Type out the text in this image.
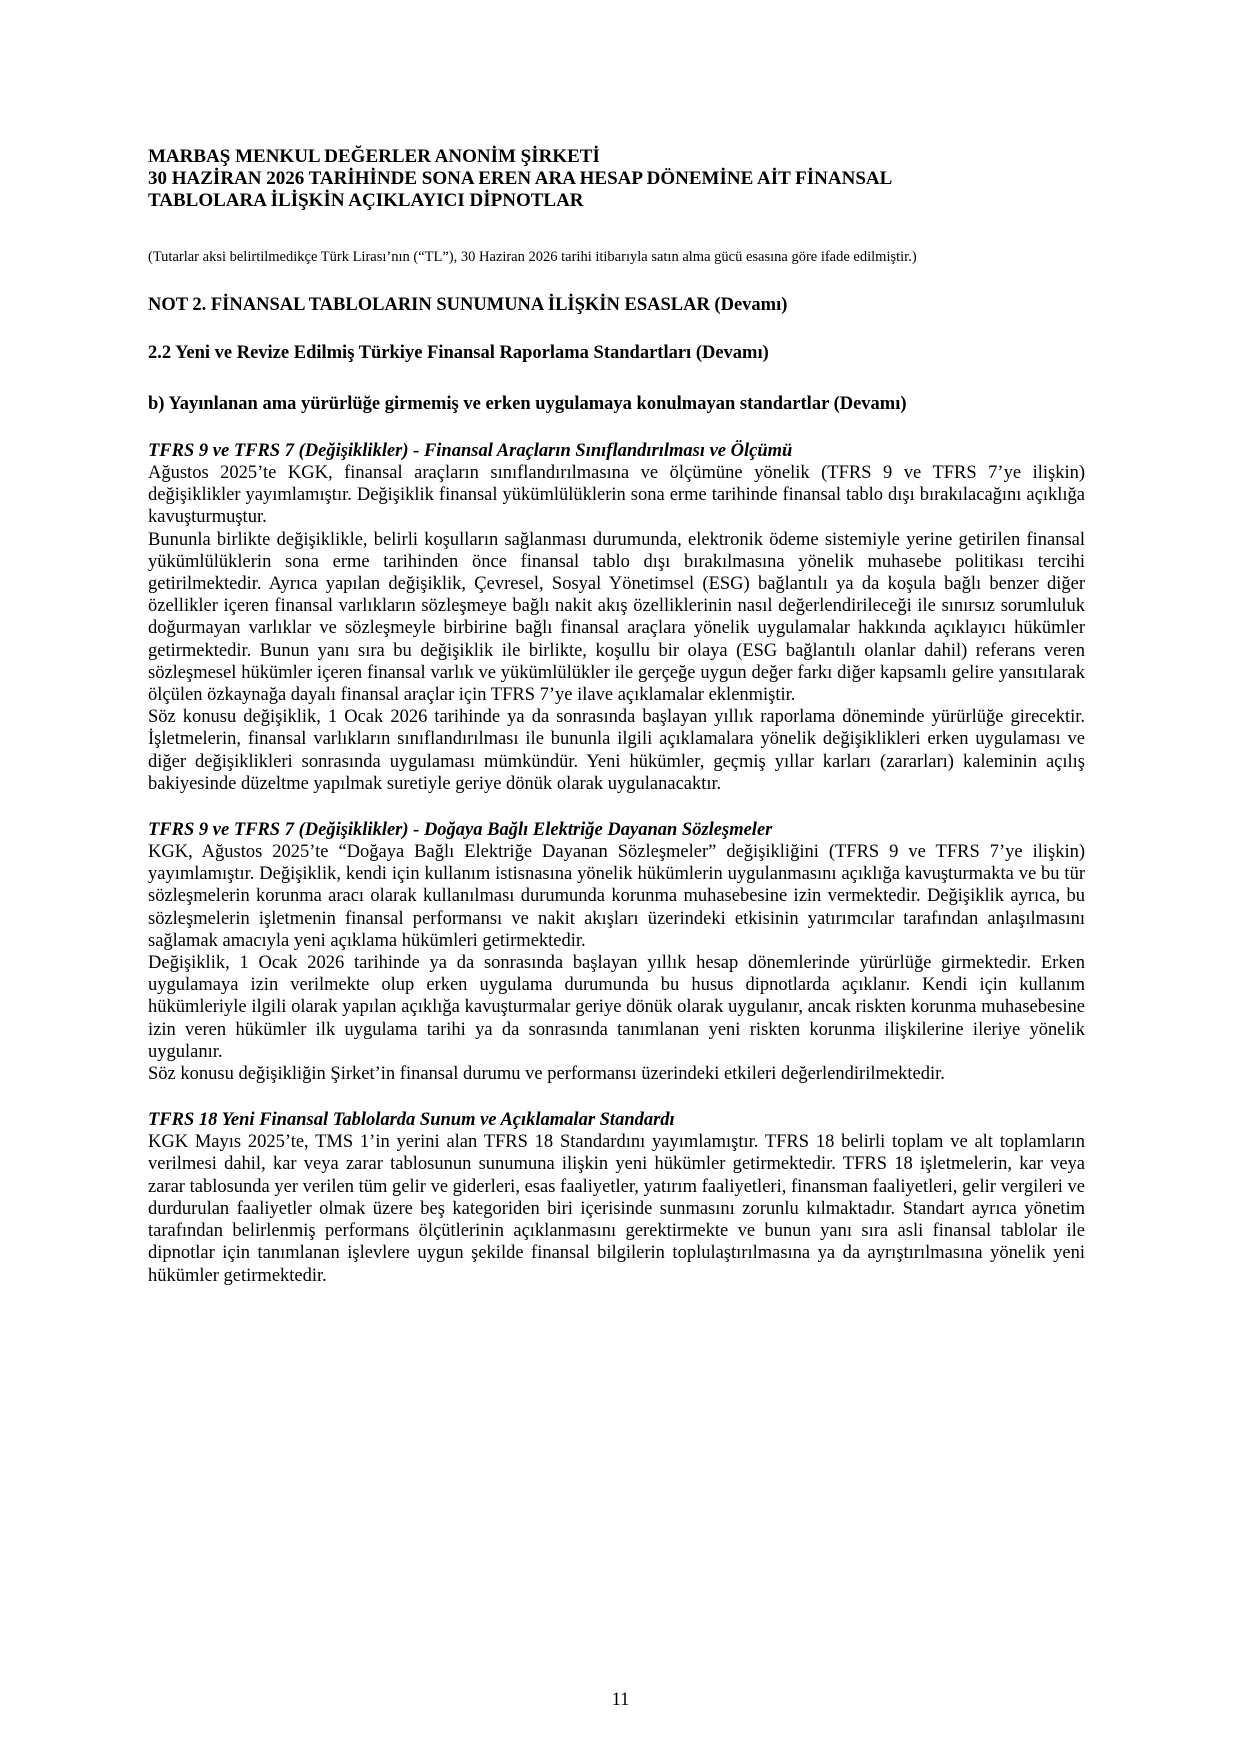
MARBAŞ MENKUL DEĞERLER ANONİM ŞİRKETİ

30 HAZİRAN 2026 TARİHİNDE SONA EREN ARA HESAP DÖNEMİNE AİT FİNANSAL

TABLOLARA İLİŞKİN AÇIKLAYICI DİPNOTLAR

(Tutarlar aksi belirtilmedikçe Türk Lirası’nın (“TL”), 30 Haziran 2026 tarihi itibarıyla satın alma gücü esasına göre ifade edilmiştir.)

NOT 2. FİNANSAL TABLOLARIN SUNUMUNA İLİŞKİN ESASLAR (Devamı)

2.2 Yeni ve Revize Edilmiş Türkiye Finansal Raporlama Standartları (Devamı)

b) Yayınlanan ama yürürlüğe girmemiş ve erken uygulamaya konulmayan standartlar (Devamı)

TFRS 9 ve TFRS 7 (Değişiklikler) - Finansal Araçların Sınıflandırılması ve Ölçümü

Ağustos 2025’te KGK, finansal araçların sınıflandırılmasına ve ölçümüne yönelik (TFRS 9 ve TFRS 7’ye ilişkin) değişiklikler yayımlamıştır. Değişiklik finansal yükümlülüklerin sona erme tarihinde finansal tablo dışı bırakılacağını açıklığa kavuşturmuştur.

Bununla birlikte değişiklikle, belirli koşulların sağlanması durumunda, elektronik ödeme sistemiyle yerine getirilen finansal yükümlülüklerin sona erme tarihinden önce finansal tablo dışı bırakılmasına yönelik muhasebe politikası tercihi getirilmektedir. Ayrıca yapılan değişiklik, Çevresel, Sosyal Yönetimsel (ESG) bağlantılı ya da koşula bağlı benzer diğer özellikler içeren finansal varlıkların sözleşmeye bağlı nakit akış özelliklerinin nasıl değerlendirileceği ile sınırsız sorumluluk doğurmayan varlıklar ve sözleşmeyle birbirine bağlı finansal araçlara yönelik uygulamalar hakkında açıklayıcı hükümler getirmektedir. Bunun yanı sıra bu değişiklik ile birlikte, koşullu bir olaya (ESG bağlantılı olanlar dahil) referans veren sözleşmesel hükümler içeren finansal varlık ve yükümlülükler ile gerçeğe uygun değer farkı diğer kapsamlı gelire yansıtılarak ölçülen özkaynağa dayalı finansal araçlar için TFRS 7’ye ilave açıklamalar eklenmiştir.

Söz konusu değişiklik, 1 Ocak 2026 tarihinde ya da sonrasında başlayan yıllık raporlama döneminde yürürlüğe girecektir. İşletmelerin, finansal varlıkların sınıflandırılması ile bununla ilgili açıklamalara yönelik değişiklikleri erken uygulaması ve diğer değişiklikleri sonrasında uygulaması mümkündür. Yeni hükümler, geçmiş yıllar karları (zararları) kaleminin açılış bakiyesinde düzeltme yapılmak suretiyle geriye dönük olarak uygulanacaktır.

TFRS 9 ve TFRS 7 (Değişiklikler) - Doğaya Bağlı Elektriğe Dayanan Sözleşmeler

KGK, Ağustos 2025’te “Doğaya Bağlı Elektriğe Dayanan Sözleşmeler” değişikliğini (TFRS 9 ve TFRS 7’ye ilişkin) yayımlamıştır. Değişiklik, kendi için kullanım istisnasına yönelik hükümlerin uygulanmasını açıklığa kavuşturmakta ve bu tür sözleşmelerin korunma aracı olarak kullanılması durumunda korunma muhasebesine izin vermektedir. Değişiklik ayrıca, bu sözleşmelerin işletmenin finansal performansı ve nakit akışları üzerindeki etkisinin yatırımcılar tarafından anlaşılmasını sağlamak amacıyla yeni açıklama hükümleri getirmektedir.

Değişiklik, 1 Ocak 2026 tarihinde ya da sonrasında başlayan yıllık hesap dönemlerinde yürürlüğe girmektedir. Erken uygulamaya izin verilmekte olup erken uygulama durumunda bu husus dipnotlarda açıklanır. Kendi için kullanım hükümleriyle ilgili olarak yapılan açıklığa kavuşturmalar geriye dönük olarak uygulanır, ancak riskten korunma muhasebesine izin veren hükümler ilk uygulama tarihi ya da sonrasında tanımlanan yeni riskten korunma ilişkilerine ileriye yönelik uygulanır.

Söz konusu değişikliğin Şirket’in finansal durumu ve performansı üzerindeki etkileri değerlendirilmektedir.

TFRS 18 Yeni Finansal Tablolarda Sunum ve Açıklamalar Standardı

KGK Mayıs 2025’te, TMS 1’in yerini alan TFRS 18 Standardını yayımlamıştır. TFRS 18 belirli toplam ve alt toplamların verilmesi dahil, kar veya zarar tablosunun sunumuna ilişkin yeni hükümler getirmektedir. TFRS 18 işletmelerin, kar veya zarar tablosunda yer verilen tüm gelir ve giderleri, esas faaliyetler, yatırım faaliyetleri, finansman faaliyetleri, gelir vergileri ve durdurulan faaliyetler olmak üzere beş kategoriden biri içerisinde sunmasını zorunlu kılmaktadır. Standart ayrıca yönetim tarafından belirlenmiş performans ölçütlerinin açıklanmasını gerektirmekte ve bunun yanı sıra asli finansal tablolar ile dipnotlar için tanımlanan işlevlere uygun şekilde finansal bilgilerin toplulaştırılmasına ya da ayrıştırılmasına yönelik yeni hükümler getirmektedir.

11
